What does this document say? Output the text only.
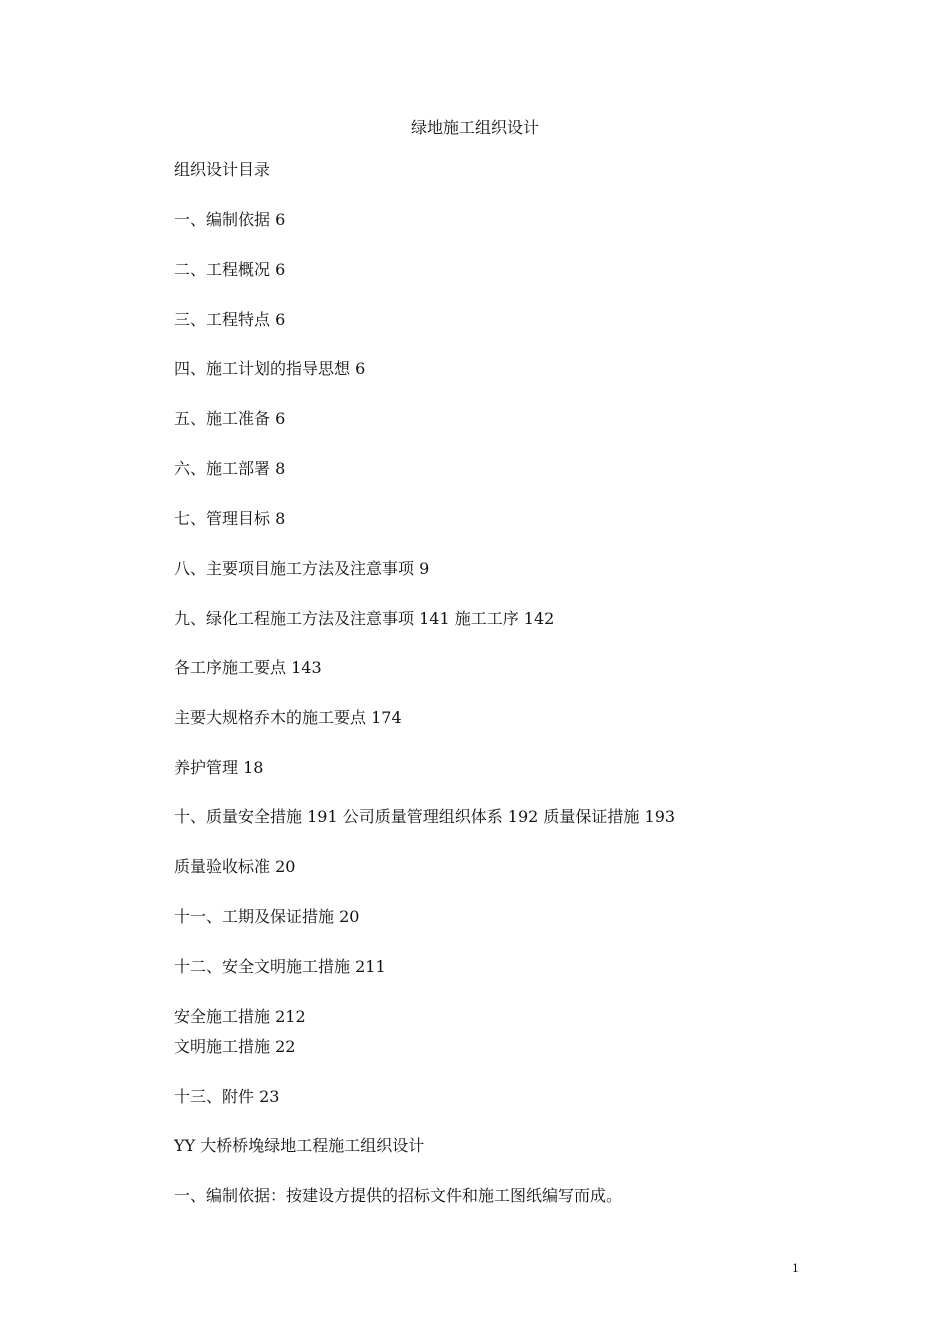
绿地施工组织设计
组织设计目录
一、编制依据 6
二、工程概况 6
三、工程特点 6
四、施工计划的指导思想 6
五、施工准备 6
六、施工部署 8
七、管理目标 8
八、主要项目施工方法及注意事项 9
九、绿化工程施工方法及注意事项 141 施工工序 142
各工序施工要点 143
主要大规格乔木的施工要点 174
养护管理 18
十、质量安全措施 191 公司质量管理组织体系 192 质量保证措施 193
质量验收标准 20
十一、工期及保证措施 20
十二、安全文明施工措施 211
安全施工措施 212
文明施工措施 22
十三、附件 23
YY 大桥桥堍绿地工程施工组织设计
一、编制依据：按建设方提供的招标文件和施工图纸编写而成。
1
